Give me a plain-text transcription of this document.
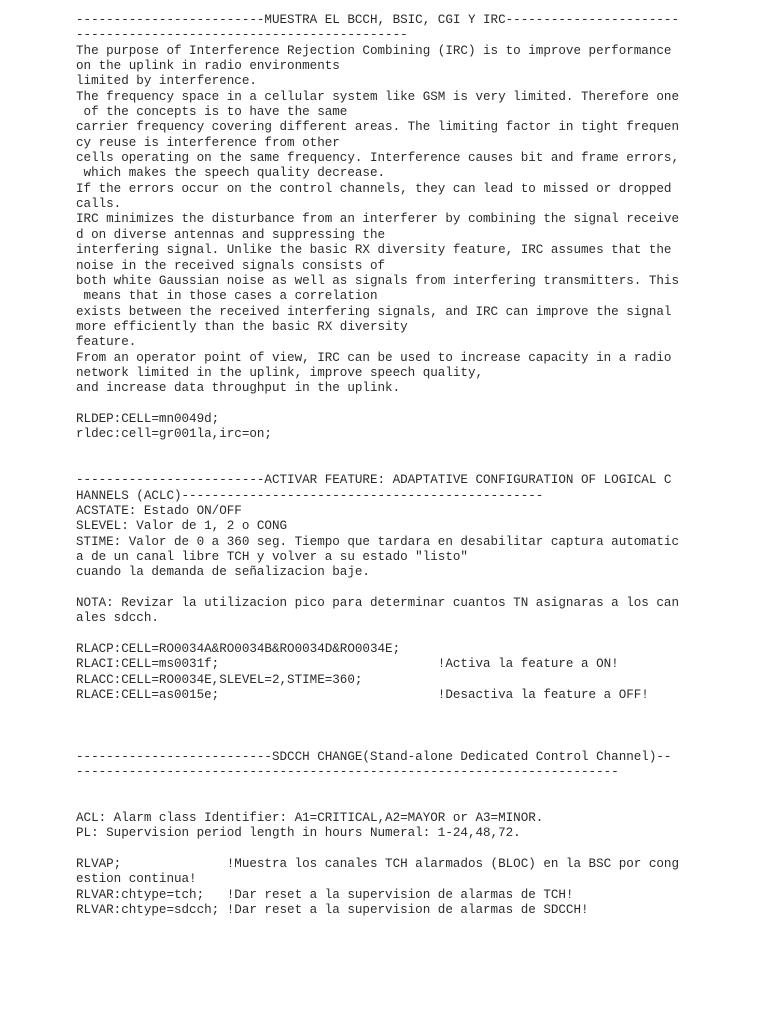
-------------------------MUESTRA EL BCCH, BSIC, CGI Y IRC-----------------------
--------------------------------------------
The purpose of Interference Rejection Combining (IRC) is to improve performance
on the uplink in radio environments
limited by interference.
The frequency space in a cellular system like GSM is very limited. Therefore one
of the concepts is to have the same
carrier frequency covering different areas. The limiting factor in tight frequen
cy reuse is interference from other
cells operating on the same frequency. Interference causes bit and frame errors,
which makes the speech quality decrease.
If the errors occur on the control channels, they can lead to missed or dropped
calls.
IRC minimizes the disturbance from an interferer by combining the signal receive
d on diverse antennas and suppressing the
interfering signal. Unlike the basic RX diversity feature, IRC assumes that the
noise in the received signals consists of
both white Gaussian noise as well as signals from interfering transmitters. This
means that in those cases a correlation
exists between the received interfering signals, and IRC can improve the signal
more efficiently than the basic RX diversity
feature.
From an operator point of view, IRC can be used to increase capacity in a radio
network limited in the uplink, improve speech quality,
and increase data throughput in the uplink.
RLDEP:CELL=mn0049d;
rldec:cell=gr001la,irc=on;
-------------------------ACTIVAR FEATURE: ADAPTATIVE CONFIGURATION OF LOGICAL C
HANNELS (ACLC)------------------------------------------------
ACSTATE: Estado ON/OFF
SLEVEL: Valor de 1, 2 o CONG
STIME: Valor de 0 a 360 seg. Tiempo que tardara en desabilitar captura automatic
a de un canal libre TCH y volver a su estado "listo"
cuando la demanda de señalizacion baje.
NOTA: Revizar la utilizacion pico para determinar cuantos TN asignaras a los can
ales sdcch.
RLACP:CELL=RO0034A&RO0034B&RO0034D&RO0034E;
RLACI:CELL=ms0031f;                             !Activa la feature a ON!
RLACC:CELL=RO0034E,SLEVEL=2,STIME=360;
RLACE:CELL=as0015e;                             !Desactiva la feature a OFF!
--------------------------SDCCH CHANGE(Stand-alone Dedicated Control Channel)--
------------------------------------------------------------------------
ACL: Alarm class Identifier: A1=CRITICAL,A2=MAYOR or A3=MINOR.
PL: Supervision period length in hours Numeral: 1-24,48,72.
RLVAP;              !Muestra los canales TCH alarmados (BLOC) en la BSC por cong
estion continua!
RLVAR:chtype=tch;   !Dar reset a la supervision de alarmas de TCH!
RLVAR:chtype=sdcch; !Dar reset a la supervision de alarmas de SDCCH!
